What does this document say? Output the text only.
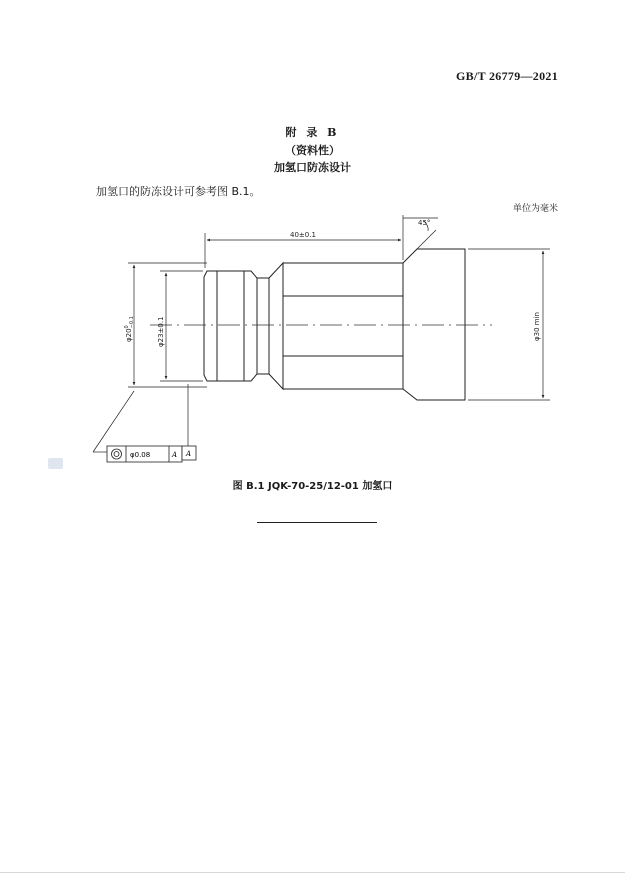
GB/T 26779—2021
附 录 B
（资料性）
加氢口防冻设计
加氢口的防冻设计可参考图 B.1。
单位为毫米
φ0.08	A A
40±0.1
45°
$\varphi 20^0-0.1$	φ23±0.1	φ30 min
图 B.1 JQK-70-25/12-01 加氢口
